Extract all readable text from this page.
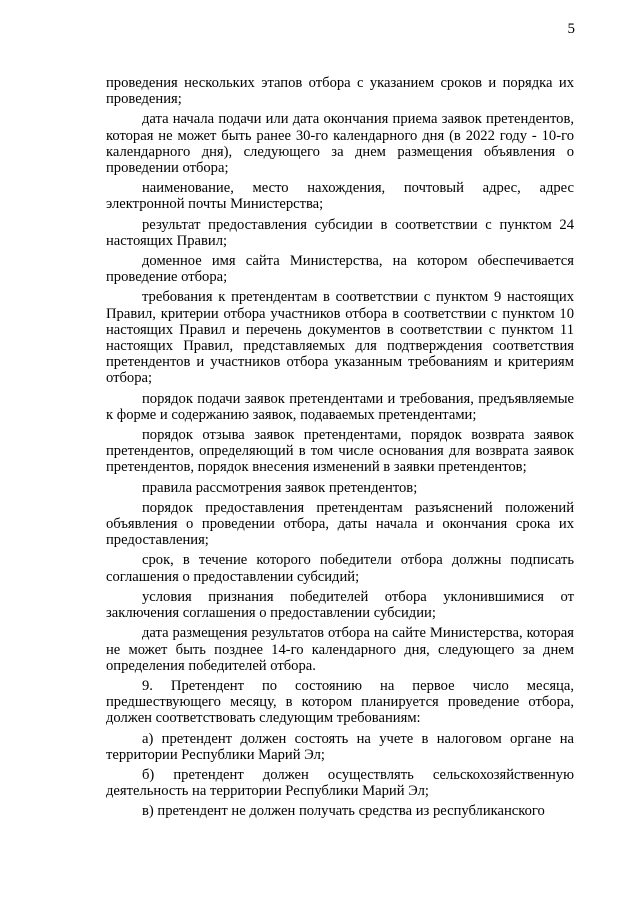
5

проведения нескольких этапов отбора с указанием сроков и порядка их проведения;

дата начала подачи или дата окончания приема заявок претендентов, которая не может быть ранее 30-го календарного дня (в 2022 году - 10-го календарного дня), следующего за днем размещения объявления о проведении отбора;

наименование, место нахождения, почтовый адрес, адрес электронной почты Министерства;

результат предоставления субсидии в соответствии с пунктом 24 настоящих Правил;

доменное имя сайта Министерства, на котором обеспечивается проведение отбора;

требования к претендентам в соответствии с пунктом 9 настоящих Правил, критерии отбора участников отбора в соответствии с пунктом 10 настоящих Правил и перечень документов в соответствии с пунктом 11 настоящих Правил, представляемых для подтверждения соответствия претендентов и участников отбора указанным требованиям и критериям отбора;

порядок подачи заявок претендентами и требования, предъявляемые к форме и содержанию заявок, подаваемых претендентами;

порядок отзыва заявок претендентами, порядок возврата заявок претендентов, определяющий в том числе основания для возврата заявок претендентов, порядок внесения изменений в заявки претендентов;

правила рассмотрения заявок претендентов;

порядок предоставления претендентам разъяснений положений объявления о проведении отбора, даты начала и окончания срока их предоставления;

срок, в течение которого победители отбора должны подписать соглашения о предоставлении субсидий;

условия признания победителей отбора уклонившимися от заключения соглашения о предоставлении субсидии;

дата размещения результатов отбора на сайте Министерства, которая не может быть позднее 14-го календарного дня, следующего за днем определения победителей отбора.

9. Претендент по состоянию на первое число месяца, предшествующего месяцу, в котором планируется проведение отбора, должен соответствовать следующим требованиям:

а) претендент должен состоять на учете в налоговом органе на территории Республики Марий Эл;

б) претендент должен осуществлять сельскохозяйственную деятельность на территории Республики Марий Эл;

в) претендент не должен получать средства из республиканского
